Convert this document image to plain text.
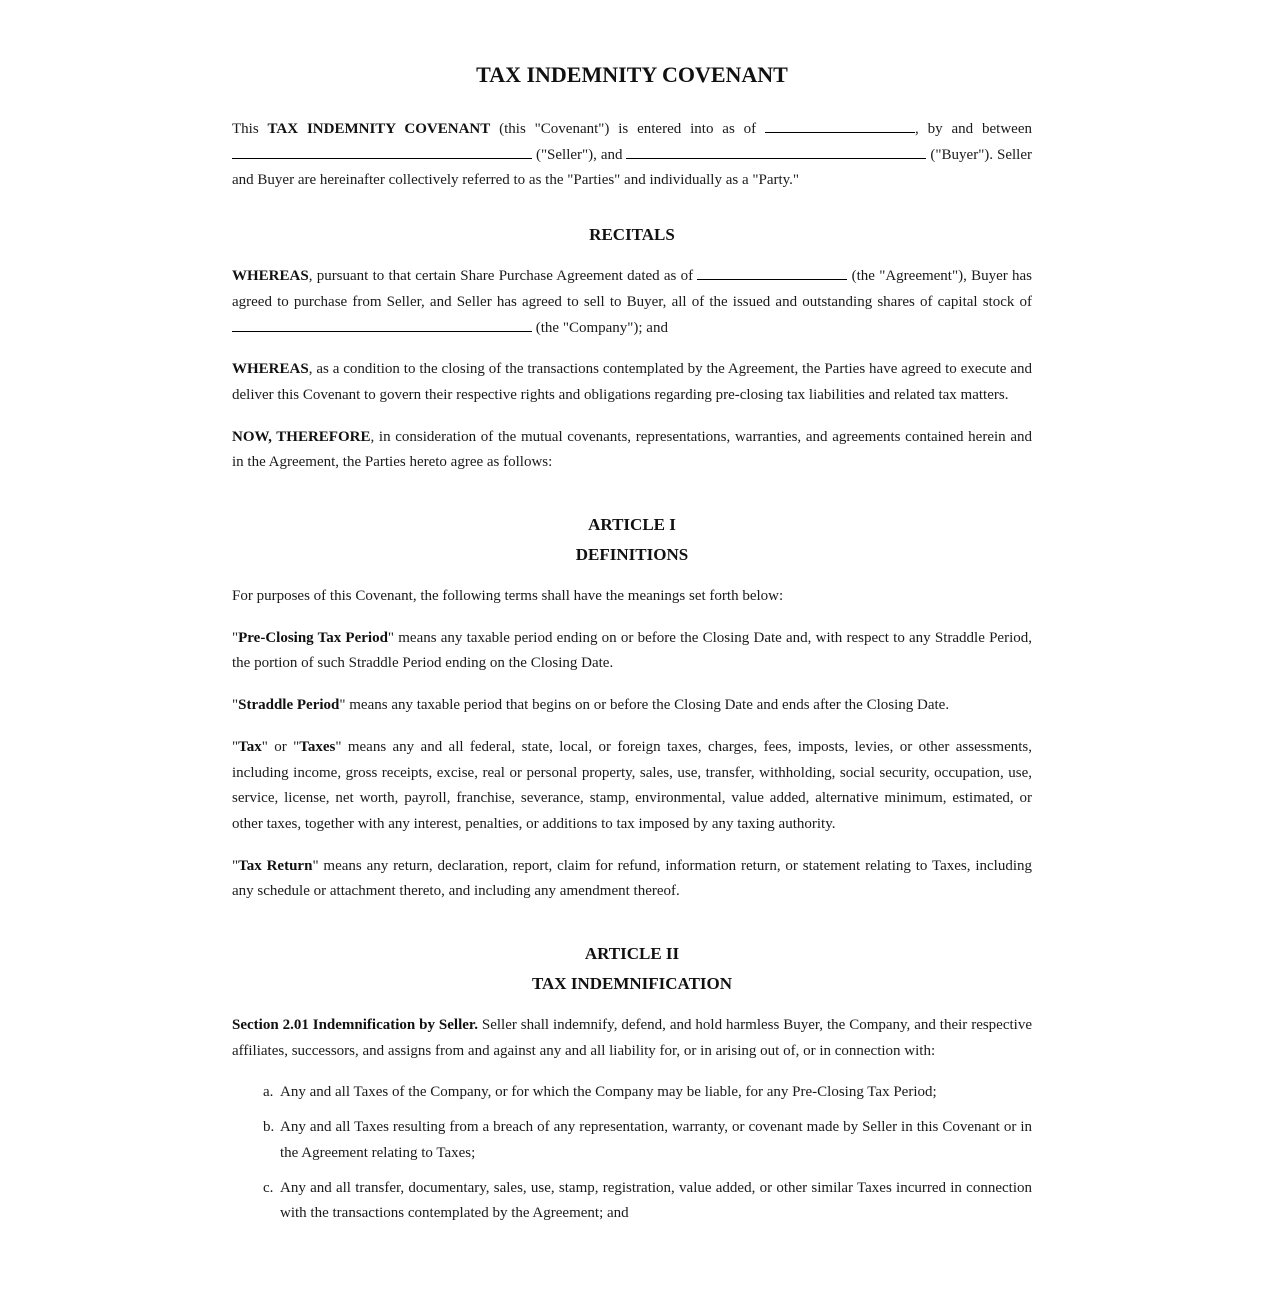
TAX INDEMNITY COVENANT

This TAX INDEMNITY COVENANT (this "Covenant") is entered into as of	, by and between  ("Seller"), and	("Buyer"). Seller and Buyer are hereinafter collectively referred to as the "Parties" and individually as a "Party."

RECITALS

WHEREAS, pursuant to that certain Share Purchase Agreement dated as of	(the "Agreement"), Buyer has agreed to purchase from Seller, and Seller has agreed to sell to Buyer, all of the issued and outstanding shares of capital stock of  (the "Company"); and

WHEREAS, as a condition to the closing of the transactions contemplated by the Agreement, the Parties have agreed to execute and deliver this Covenant to govern their respective rights and obligations regarding pre-closing tax liabilities and related tax matters.

NOW, THEREFORE, in consideration of the mutual covenants, representations, warranties, and agreements contained herein and in the Agreement, the Parties hereto agree as follows:

ARTICLE I
DEFINITIONS

For purposes of this Covenant, the following terms shall have the meanings set forth below:

"Pre-Closing Tax Period" means any taxable period ending on or before the Closing Date and, with respect to any Straddle Period, the portion of such Straddle Period ending on the Closing Date.

"Straddle Period" means any taxable period that begins on or before the Closing Date and ends after the Closing Date.

"Tax" or "Taxes" means any and all federal, state, local, or foreign taxes, charges, fees, imposts, levies, or other assessments, including income, gross receipts, excise, real or personal property, sales, use, transfer, withholding, social security, occupation, use, service, license, net worth, payroll, franchise, severance, stamp, environmental, value added, alternative minimum, estimated, or other taxes, together with any interest, penalties, or additions to tax imposed by any taxing authority.

"Tax Return" means any return, declaration, report, claim for refund, information return, or statement relating to Taxes, including any schedule or attachment thereto, and including any amendment thereof.

ARTICLE II
TAX INDEMNIFICATION

Section 2.01 Indemnification by Seller. Seller shall indemnify, defend, and hold harmless Buyer, the Company, and their respective affiliates, successors, and assigns from and against any and all liability for, or in arising out of, or in connection with:

a. Any and all Taxes of the Company, or for which the Company may be liable, for any Pre-Closing Tax Period;
b. Any and all Taxes resulting from a breach of any representation, warranty, or covenant made by Seller in this Covenant or in the Agreement relating to Taxes;
c. Any and all transfer, documentary, sales, use, stamp, registration, value added, or other similar Taxes incurred in connection with the transactions contemplated by the Agreement; and
